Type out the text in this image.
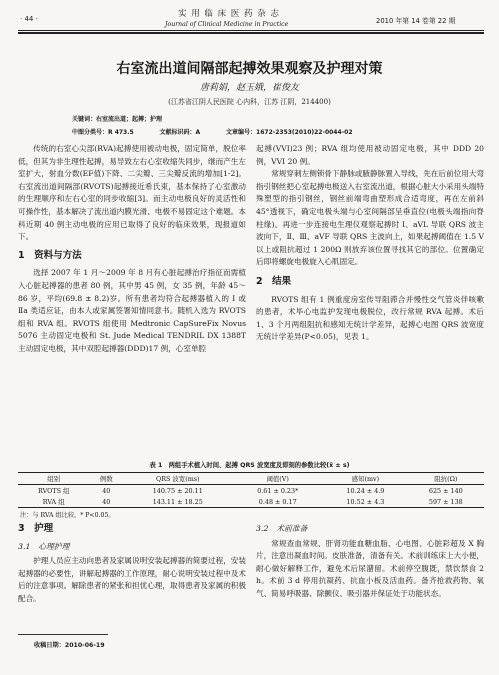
· 44 ·	实 用 临 床 医 药 杂 志
Journal of Clinical Medicine in Practice	2010 年第 14 卷第 22 期
右室流出道间隔部起搏效果观察及护理对策
唐莉娟，赵玉娥，崔俊友
(江苏省江阴人民医院 心内科，江苏 江阴，214400)
关键词：右室流出道；起搏；护理
中图分类号：R 473.5	文献标识码：A	文章编号：1672-2353(2010)22-0044-02

传统的右室心尖部(RVA)起搏使用被动电极，固定简单，脱位率低，但其为非生理性起搏，易导致左右心室收缩失同步，继而产生左室扩大，射血分数(EF值)下降、二尖瓣、三尖瓣反流的增加[1-2]。右室流出道间隔部(RVOTS)起搏接近希氏束，基本保持了心室激动的生理顺序和左右心室的同步收缩[3]。而主动电极良好的灵活性和可操作性，基本解决了流出道内膜光滑、电极不易固定这个难题。本科近期 40 例主动电极的应用已取得了良好的临床效果，现报道如下。

1　资料与方法

选择 2007 年 1 月～2009 年 8 月有心脏起搏治疗指征而需植入心脏起搏器的患者 80 例，其中男 45 例，女 35 例，年龄 45～86 岁，平均(69.8 ± 8.2)岁。所有患者均符合起搏器植入的 Ⅰ 或 Ⅱa 类适应证，由本人或家属签署知情同意书。随机入选为 RVOTS 组和 RVA 组。RVOTS 组使用 Medtronic CapSureFix Novus 5076 主动固定电极和 St. Jude Medical TENDRIL DX 1388T 主动固定电极，其中双腔起搏器(DDD)17 例，心室单腔

起搏(VVI)23 例；RVA 组均使用被动固定电极，其中 DDD 20 例，VVI 20 例。

常规穿刺左侧锁骨下静脉或腋静脉置入导线，先在后前位用大弯指引钢丝把心室起搏电极送入右室流出道，根据心脏大小采用头端特殊塑型的指引钢丝，钢丝前端弯曲塑形成合适弯度，再在左前斜 45°透视下，确定电极头端与心室间隔部呈垂直位(电极头端指向脊柱缘)。再进一步连接电生理仪观察起搏时 Ⅰ、aVL 导联 QRS 波主波向下，Ⅱ、Ⅲ、aVF 导联 QRS 主波向上，如果起搏阈值在 1.5 V 以上或阻抗超过 1 200Ω 则放弃该位置寻找其它的部位。位置确定后即将螺旋电极旋入心肌固定。

2　结果

RVOTS 组有 1 例重度房室传导阻滞合并慢性交气管炎伴咳嗽的患者，术毕心电监护发现电极脱位，改行常规 RVA 起搏。术后 1、3 个月两组阻抗和感知无统计学差异，起搏心电图 QRS 波宽度无统计学差异(P<0.05)，见表 1。

表 1　两组手术植入时间、起搏 QRS 波宽度及即刻的参数比较(x̄ ± s)
组别	例数	QRS 波宽(ms)	阈值(V)	感知(mv)	阻抗(Ω)
RVOTS 组	40	140.75 ± 20.11	0.61 ± 0.23*	10.24 ± 4.9	625 ± 140
RVA 组	40	143.11 ± 18.25	0.48 ± 0.17	10.52 ± 4.3	597 ± 138
注：与 RVA 组比较，* P<0.05。
3　护理
3.1　心理护理

护理人员应主动向患者及家属说明安装起搏器的简要过程，安装起搏器的必要性，讲解起搏器的工作原理，耐心说明安装过程中及术后的注意事项。解除患者的紧张和担忧心理，取得患者及家属的积极配合。

收稿日期：2010-06-19
3.2　术前准备

常规查血常规、肝肾功能血糖血脂、心电图、心脏彩超及 X 胸片，注意出凝血时间。皮肤准备，清备有关。术前训练床上大小便，耐心做好解释工作，避免术后尿潴留。术前停空腹既，禁饮禁食 2 h。术前 3 d 停用抗凝药、抗血小板及活血药。备齐抢救药物、氧气、简易呼吸器、除颤仪、吸引器并保证处于功能状态。
